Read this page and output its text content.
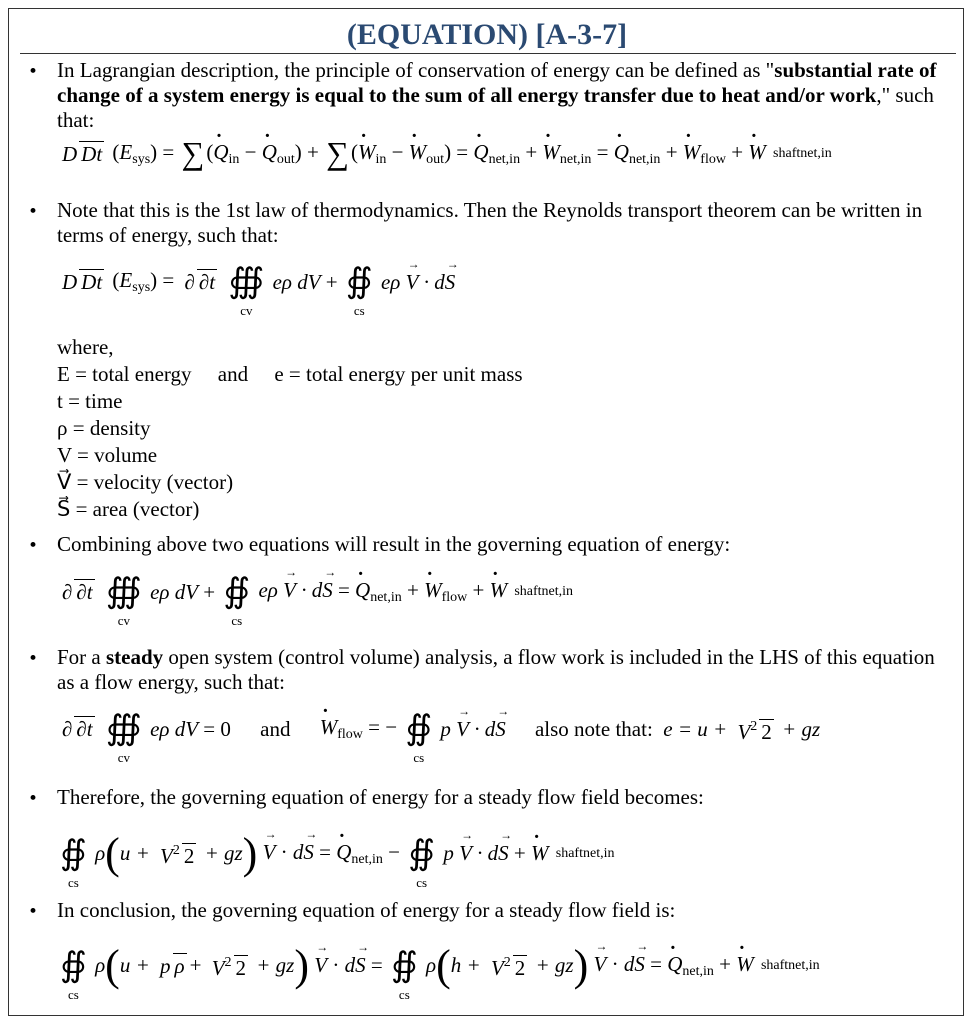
(EQUATION) [A-3-7]
• In Lagrangian description, the principle of conservation of energy can be defined as "substantial rate of change of a system energy is equal to the sum of all energy transfer due to heat and/or work," such that:
D Dt $(E_{sys})$ = ∑(· $Q_{in}$ − · $Q_{out}$) + ∑(· $W_{in}$ − · $W_{out}$) = · $Q_{net,in}$ + · $W_{net,in}$ = · $Q_{net,in}$ + · $W_{flow}$ + · W shaftnet,in
• Note that this is the 1st law of thermodynamics. Then the Reynolds transport theorem can be written in terms of energy, such that:
D Dt $(E_{sys})$ = ∂ ∂t ∰
cv
eρ dV + ∯
cs
eρ → V · d→ S
where,
E = total energy     and     e = total energy per unit mass
t = time
ρ = density
V = volume
V⃗ = velocity (vector)
S⃗ = area (vector)
• Combining above two equations will result in the governing equation of energy:
∂ ∂t ∰
cv
eρ dV + ∯
cs
eρ → V · d→ S = · $Q_{net,in}$ + · $W_{flow}$ + · W shaftnet,in
• For a steady open system (control volume) analysis, a flow work is included in the LHS of this equation as a flow energy, such that:
∂ ∂t ∰
cv
eρ dV = 0 and · $W_{flow}$ = − ∯
cs
p → V · d→ S also note that:  $e = u + V^2$ 2 + gz
• Therefore, the governing equation of energy for a steady flow field becomes:
∯
cs
$\rho(u + V^2$ 2 + gz) → V · d→ S = · $Q_{net,in}$ − ∯
cs
p → V · d→ S + · W shaftnet,in
• In conclusion, the governing equation of energy for a steady flow field is:
∯
cs
ρ(u + p $\rho + V^2$ 2 + gz) → V · d→ S = ∯
cs
$\rho(h + V^2$ 2 + gz) → V · d→ S = · $Q_{net,in}$ + · W shaftnet,in
